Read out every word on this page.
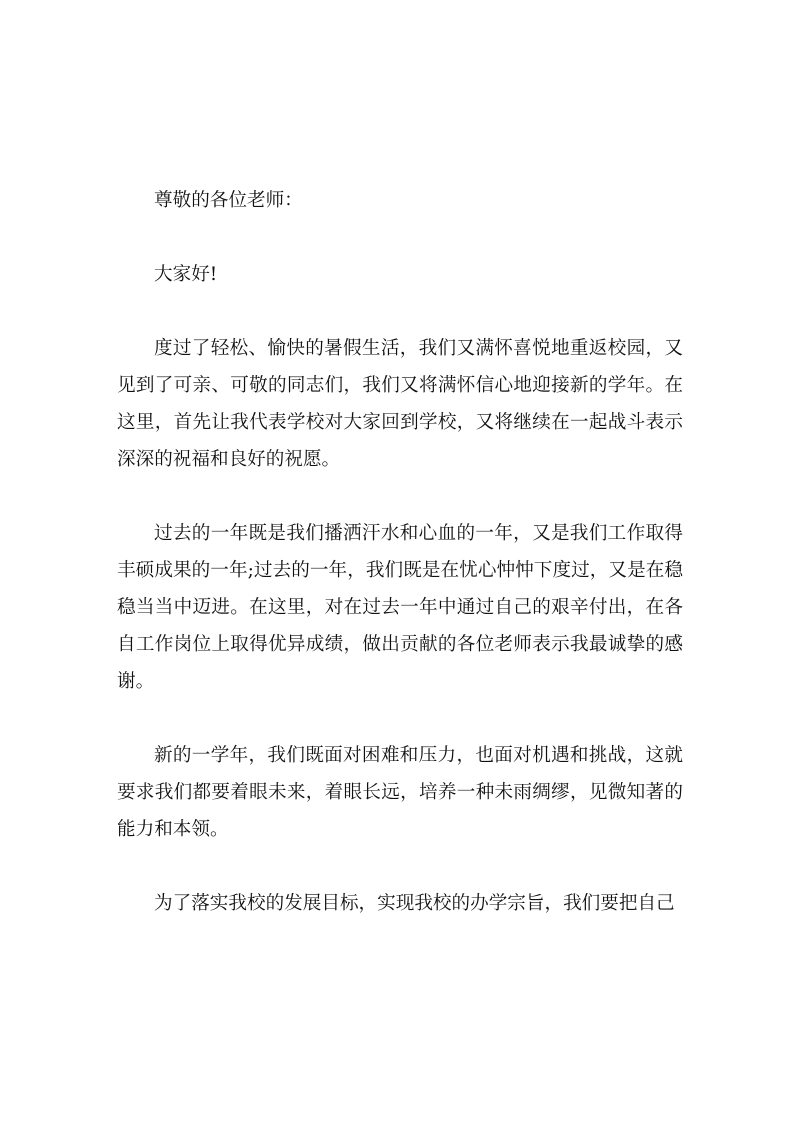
尊敬的各位老师：

大家好!

度过了轻松、愉快的暑假生活，我们又满怀喜悦地重返校园，又见到了可亲、可敬的同志们，我们又将满怀信心地迎接新的学年。在这里，首先让我代表学校对大家回到学校，又将继续在一起战斗表示深深的祝福和良好的祝愿。

过去的一年既是我们播洒汗水和心血的一年，又是我们工作取得丰硕成果的一年;过去的一年，我们既是在忧心忡忡下度过，又是在稳稳当当中迈进。在这里，对在过去一年中通过自己的艰辛付出，在各自工作岗位上取得优异成绩，做出贡献的各位老师表示我最诚挚的感谢。

新的一学年，我们既面对困难和压力，也面对机遇和挑战，这就要求我们都要着眼未来，着眼长远，培养一种未雨绸缪，见微知著的能力和本领。

为了落实我校的发展目标，实现我校的办学宗旨，我们要把自己
